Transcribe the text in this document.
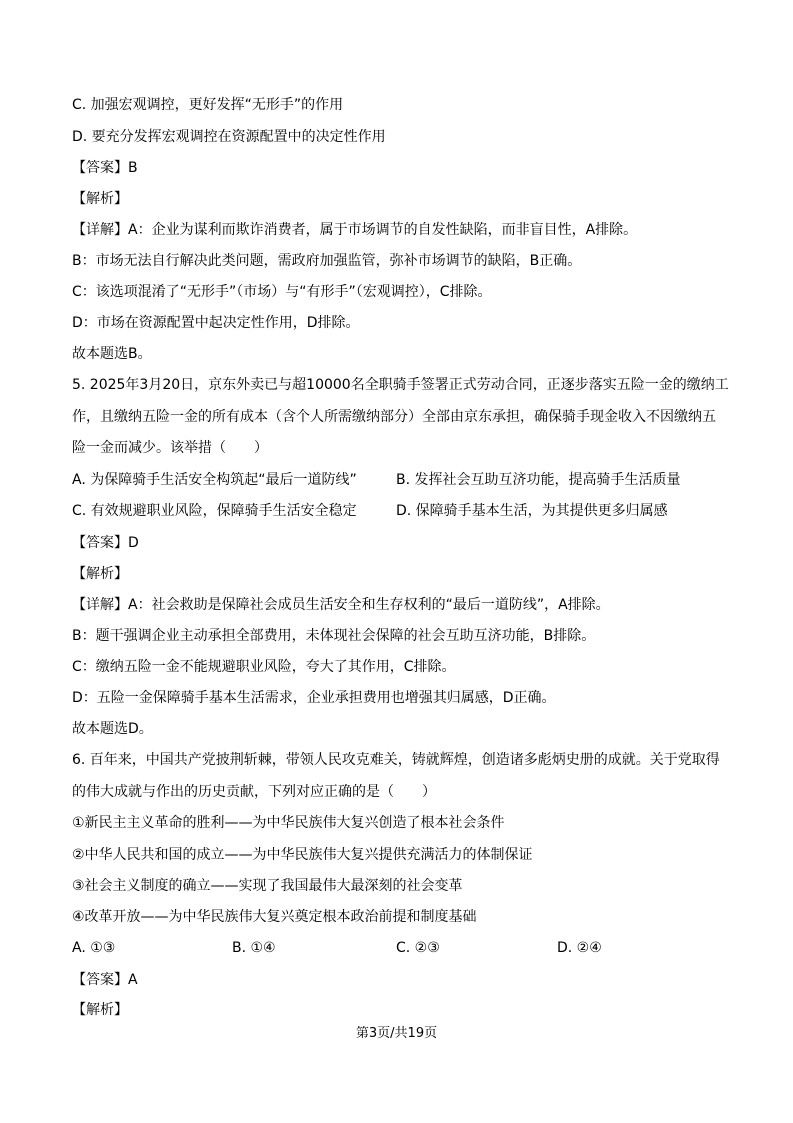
C. 加强宏观调控，更好发挥“无形手”的作用
D. 要充分发挥宏观调控在资源配置中的决定性作用
【答案】B
【解析】
【详解】A：企业为谋利而欺诈消费者，属于市场调节的自发性缺陷，而非盲目性，A排除。
B：市场无法自行解决此类问题，需政府加强监管，弥补市场调节的缺陷，B正确。
C：该选项混淆了“无形手”（市场）与“有形手”（宏观调控），C排除。
D：市场在资源配置中起决定性作用，D排除。
故本题选B。
5. 2025年3月20日，京东外卖已与超10000名全职骑手签署正式劳动合同，正逐步落实五险一金的缴纳工
作，且缴纳五险一金的所有成本（含个人所需缴纳部分）全部由京东承担，确保骑手现金收入不因缴纳五
险一金而减少。该举措（　　）
A. 为保障骑手生活安全构筑起“最后一道防线”	B. 发挥社会互助互济功能，提高骑手生活质量
C. 有效规避职业风险，保障骑手生活安全稳定	D. 保障骑手基本生活，为其提供更多归属感
【答案】D
【解析】
【详解】A：社会救助是保障社会成员生活安全和生存权利的“最后一道防线”，A排除。
B：题干强调企业主动承担全部费用，未体现社会保障的社会互助互济功能，B排除。
C：缴纳五险一金不能规避职业风险，夸大了其作用，C排除。
D：五险一金保障骑手基本生活需求，企业承担费用也增强其归属感，D正确。
故本题选D。
6. 百年来，中国共产党披荆斩棘，带领人民攻克难关，铸就辉煌，创造诸多彪炳史册的成就。关于党取得
的伟大成就与作出的历史贡献，下列对应正确的是（　　）
①新民主主义革命的胜利——为中华民族伟大复兴创造了根本社会条件
②中华人民共和国的成立——为中华民族伟大复兴提供充满活力的体制保证
③社会主义制度的确立——实现了我国最伟大最深刻的社会变革
④改革开放——为中华民族伟大复兴奠定根本政治前提和制度基础
A. ①③	B. ①④	C. ②③	D. ②④
【答案】A
【解析】
第3页/共19页
